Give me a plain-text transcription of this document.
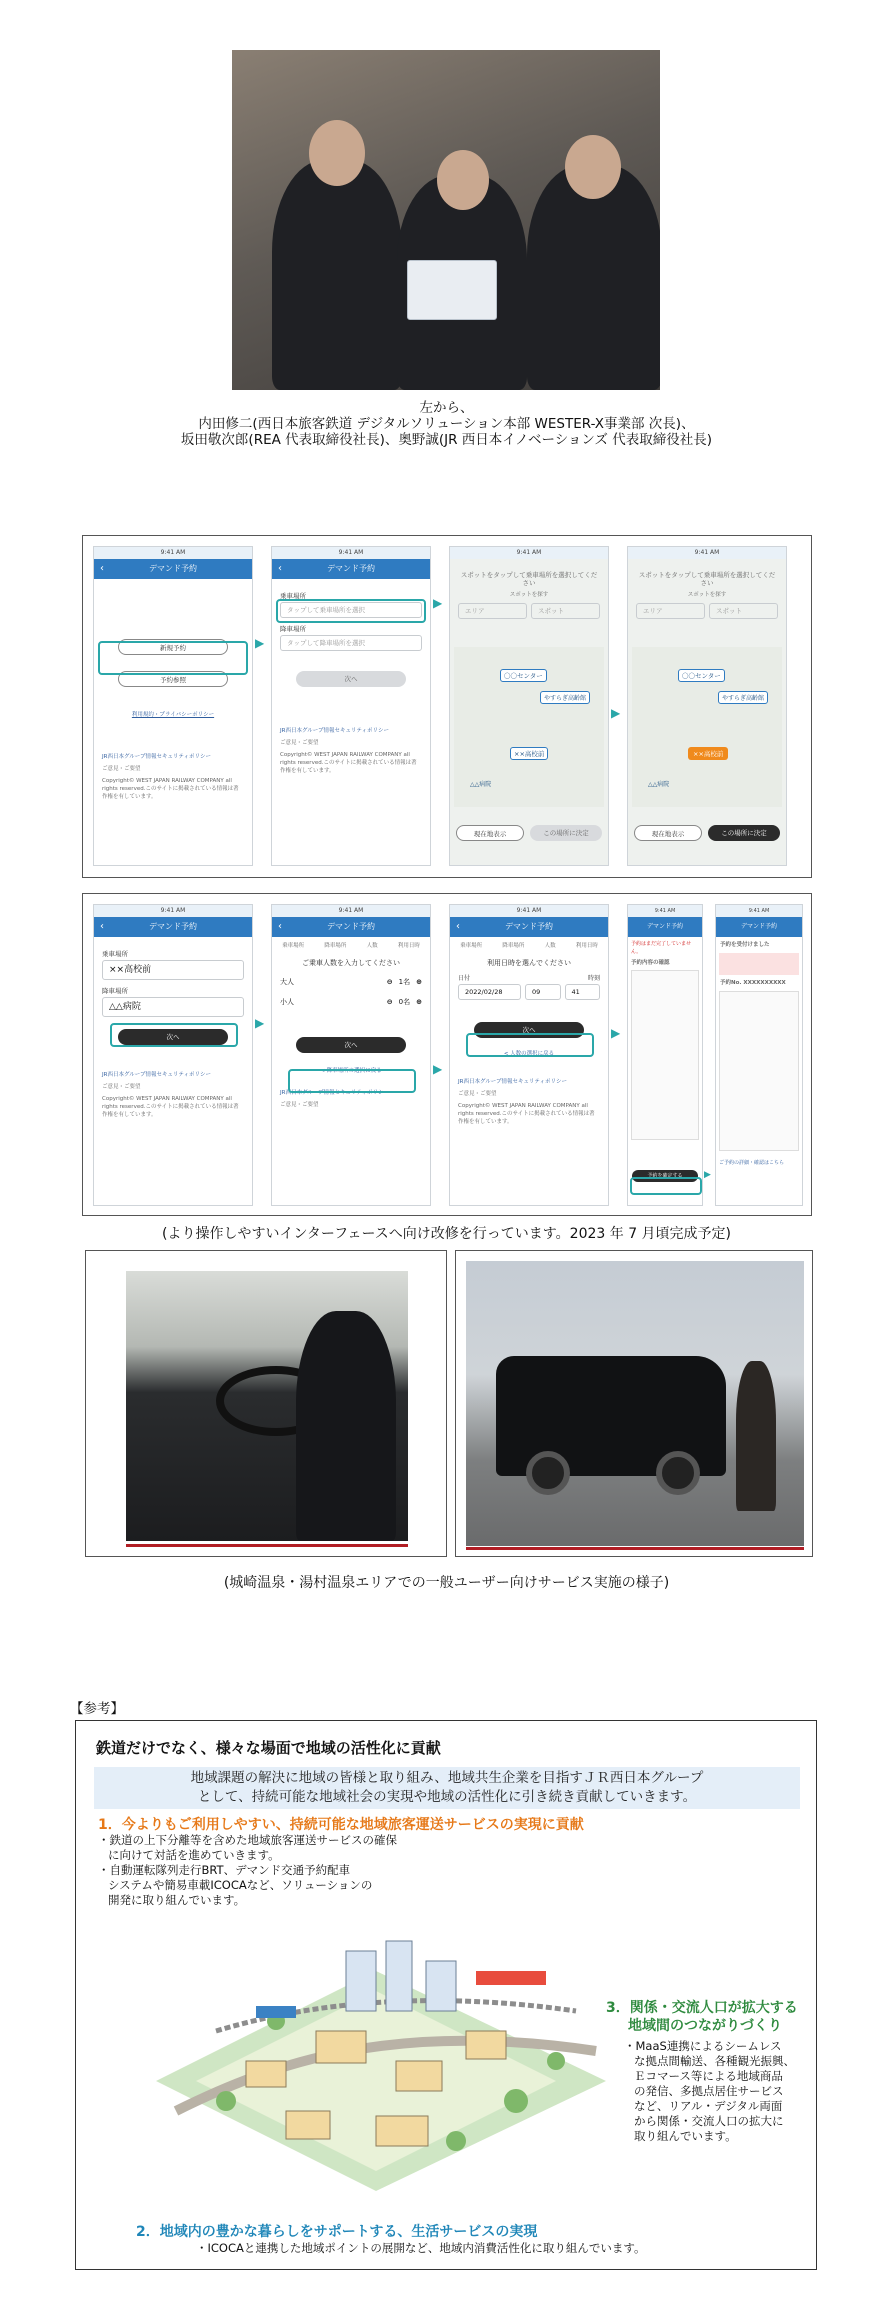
左から、
内田修二(西日本旅客鉄道 デジタルソリューション本部 WESTER-X事業部 次長)、
坂田敬次郎(REA 代表取締役社長)、奥野誠(JR 西日本イノベーションズ 代表取締役社長)
9:41 AM
‹	デマンド予約
新規予約
予約参照
利用規約・プライバシーポリシー
JR西日本グループ情報セキュリティポリシー
ご意見・ご要望
Copyright© WEST JAPAN RAILWAY COMPANY all rights reserved.このサイトに掲載されている情報は著作権を有しています。
▶
9:41 AM
‹	デマンド予約
乗車場所
タップして乗車場所を選択
降車場所
タップして降車場所を選択
次へ
JR西日本グループ情報セキュリティポリシー
ご意見・ご要望
Copyright© WEST JAPAN RAILWAY COMPANY all rights reserved.このサイトに掲載されている情報は著作権を有しています。
▶
9:41 AM
スポットをタップして乗車場所を選択してください
スポットを探す
エリア	スポット
〇〇センター
やすらぎ高齢館
××高校前
△△病院
現在地表示	この場所に決定
▶
9:41 AM
スポットをタップして乗車場所を選択してください
スポットを探す
エリア	スポット
〇〇センター
やすらぎ高齢館
××高校前
△△病院
現在地表示	この場所に決定
9:41 AM
‹	デマンド予約
乗車場所
××高校前
降車場所
△△病院
次へ
JR西日本グループ情報セキュリティポリシー
ご意見・ご要望
Copyright© WEST JAPAN RAILWAY COMPANY all rights reserved.このサイトに掲載されている情報は著作権を有しています。
▶
9:41 AM
‹	デマンド予約
乗車場所	降車場所	人数	利用日時
ご乗車人数を入力してください
大人	⊖ 1名 ⊕
小人	⊖ 0名 ⊕
次へ
< 降車場所の選択に戻る
JR西日本グループ情報セキュリティポリシー
ご意見・ご要望
▶
9:41 AM
‹	デマンド予約
乗車場所	降車場所	人数	利用日時
利用日時を選んでください
日付	時刻
2022/02/28	09	41
次へ
< 人数の選択に戻る
JR西日本グループ情報セキュリティポリシー
ご意見・ご要望
Copyright© WEST JAPAN RAILWAY COMPANY all rights reserved.このサイトに掲載されている情報は著作権を有しています。
▶
9:41 AM
デマンド予約
予約はまだ完了していません。
予約内容の確認
予約を確定する	▶
9:41 AM
デマンド予約
予約を受付けました
予約No. XXXXXXXXXX
ご予約の詳細・確認はこちら
(より操作しやすいインターフェースへ向け改修を行っています。2023 年 7 月頃完成予定)
(城崎温泉・湯村温泉エリアでの一般ユーザー向けサービス実施の様子)
【参考】
鉄道だけでなく、様々な場面で地域の活性化に貢献
地域課題の解決に地域の皆様と取り組み、地域共生企業を目指すＪＲ西日本グループ
として、持続可能な地域社会の実現や地域の活性化に引き続き貢献していきます。
1．今よりもご利用しやすい、持続可能な地域旅客運送サービスの実現に貢献
・鉄道の上下分離等を含めた地域旅客運送サービスの確保
に向けて対話を進めていきます。
・自動運転隊列走行BRT、デマンド交通予約配車
システムや簡易車載ICOCAなど、ソリューションの
開発に取り組んでいます。
3．関係・交流人口が拡大する
地域間のつながりづくり
・MaaS連携によるシームレス
な拠点間輸送、各種観光振興、
Ｅコマース等による地域商品
の発信、多拠点居住サービス
など、リアル・デジタル両面
から関係・交流人口の拡大に
取り組んでいます。
2．地域内の豊かな暮らしをサポートする、生活サービスの実現
・ICOCAと連携した地域ポイントの展開など、地域内消費活性化に取り組んでいます。
